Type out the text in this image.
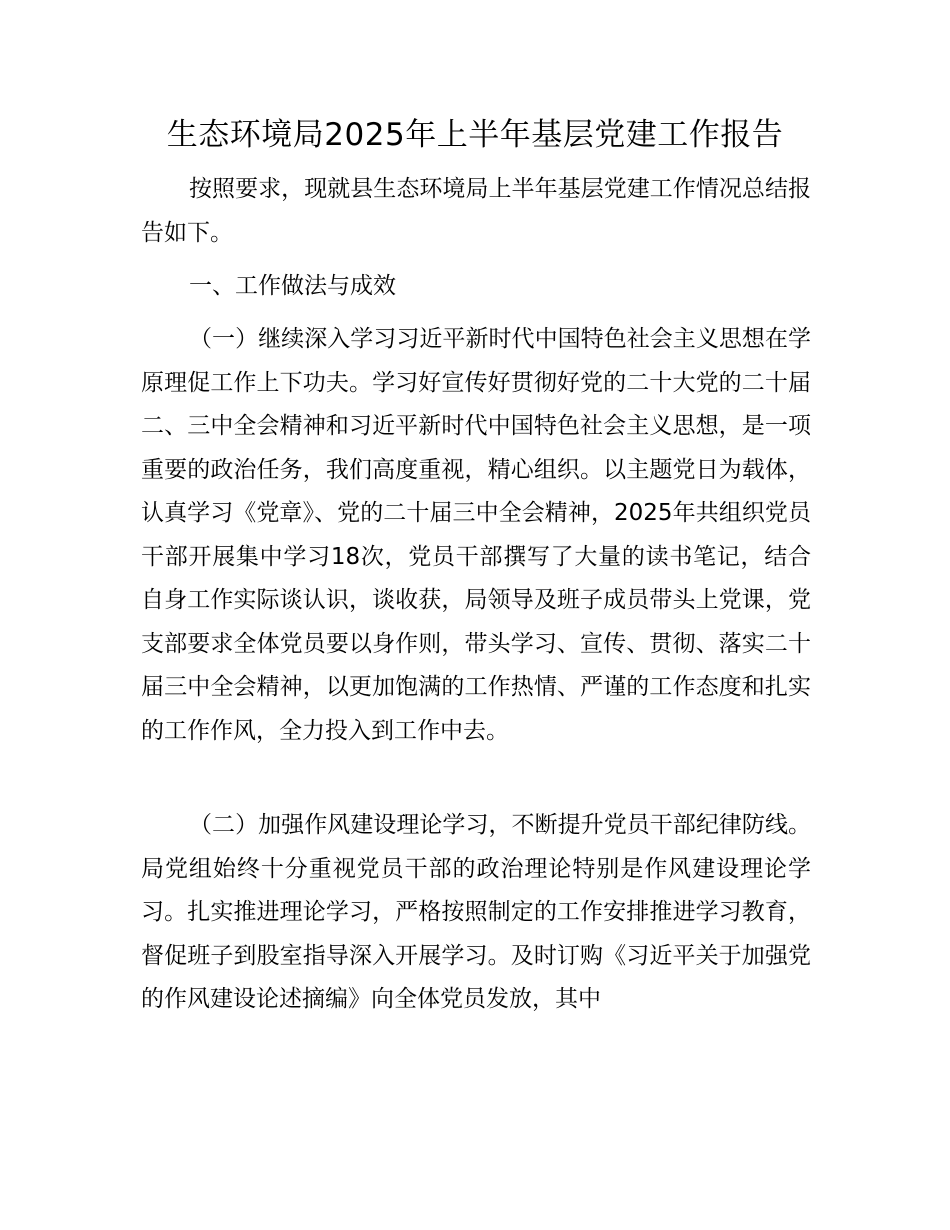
生态环境局2025年上半年基层党建工作报告

按照要求，现就县生态环境局上半年基层党建工作情况总结报告如下。

一、工作做法与成效

（一）继续深入学习习近平新时代中国特色社会主义思想在学原理促工作上下功夫。学习好宣传好贯彻好党的二十大党的二十届二、三中全会精神和习近平新时代中国特色社会主义思想，是一项重要的政治任务，我们高度重视，精心组织。以主题党日为载体，认真学习《党章》、党的二十届三中全会精神，2025年共组织党员干部开展集中学习18次，党员干部撰写了大量的读书笔记，结合自身工作实际谈认识，谈收获，局领导及班子成员带头上党课，党支部要求全体党员要以身作则，带头学习、宣传、贯彻、落实二十届三中全会精神，以更加饱满的工作热情、严谨的工作态度和扎实的工作作风，全力投入到工作中去。

（二）加强作风建设理论学习，不断提升党员干部纪律防线。局党组始终十分重视党员干部的政治理论特别是作风建设理论学习。扎实推进理论学习，严格按照制定的工作安排推进学习教育，督促班子到股室指导深入开展学习。及时订购《习近平关于加强党的作风建设论述摘编》向全体党员发放，其中
